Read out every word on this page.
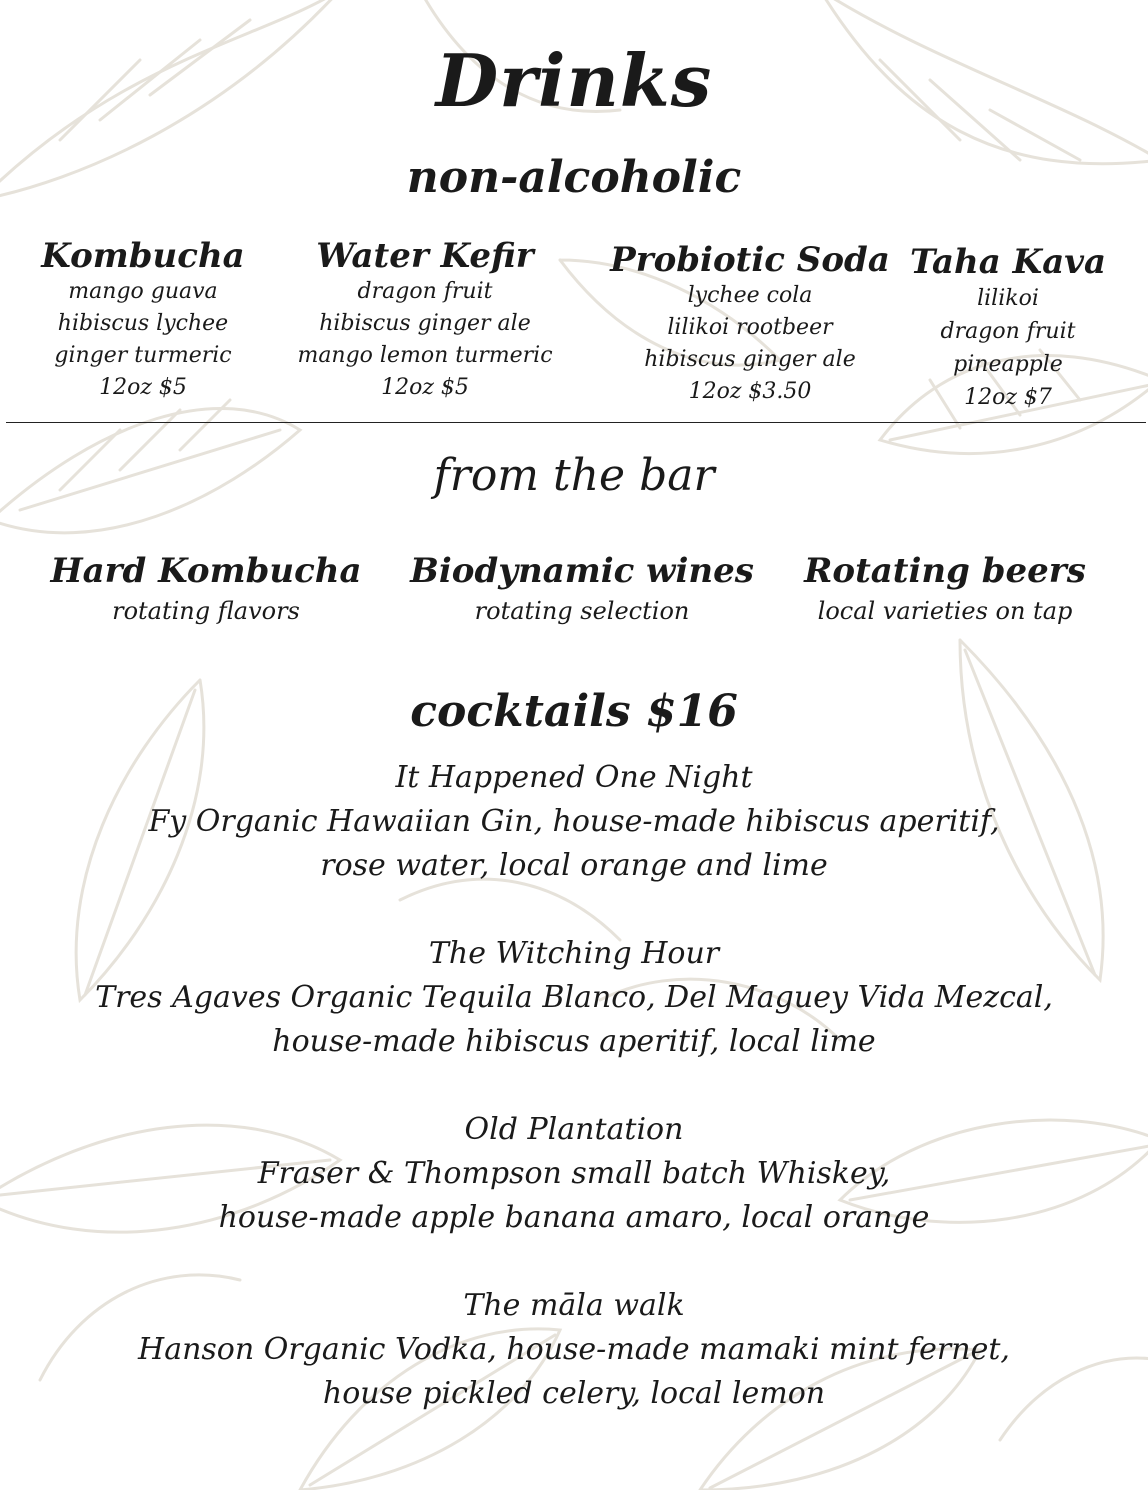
Drinks
non-alcoholic
Kombucha
mango guava
hibiscus lychee
ginger turmeric
12oz $5
Water Kefir
dragon fruit
hibiscus ginger ale
mango lemon turmeric
12oz $5
Probiotic Soda
lychee cola
lilikoi rootbeer
hibiscus ginger ale
12oz $3.50
Taha Kava
lilikoi
dragon fruit
pineapple
12oz $7
from the bar
Hard Kombucha
rotating flavors
Biodynamic wines
rotating selection
Rotating beers
local varieties on tap
cocktails $16
It Happened One Night
Fy Organic Hawaiian Gin, house-made hibiscus aperitif,
rose water, local orange and lime
The Witching Hour
Tres Agaves Organic Tequila Blanco, Del Maguey Vida Mezcal,
house-made hibiscus aperitif, local lime
Old Plantation
Fraser & Thompson small batch Whiskey,
house-made apple banana amaro, local orange
The māla walk
Hanson Organic Vodka, house-made mamaki mint fernet,
house pickled celery, local lemon
